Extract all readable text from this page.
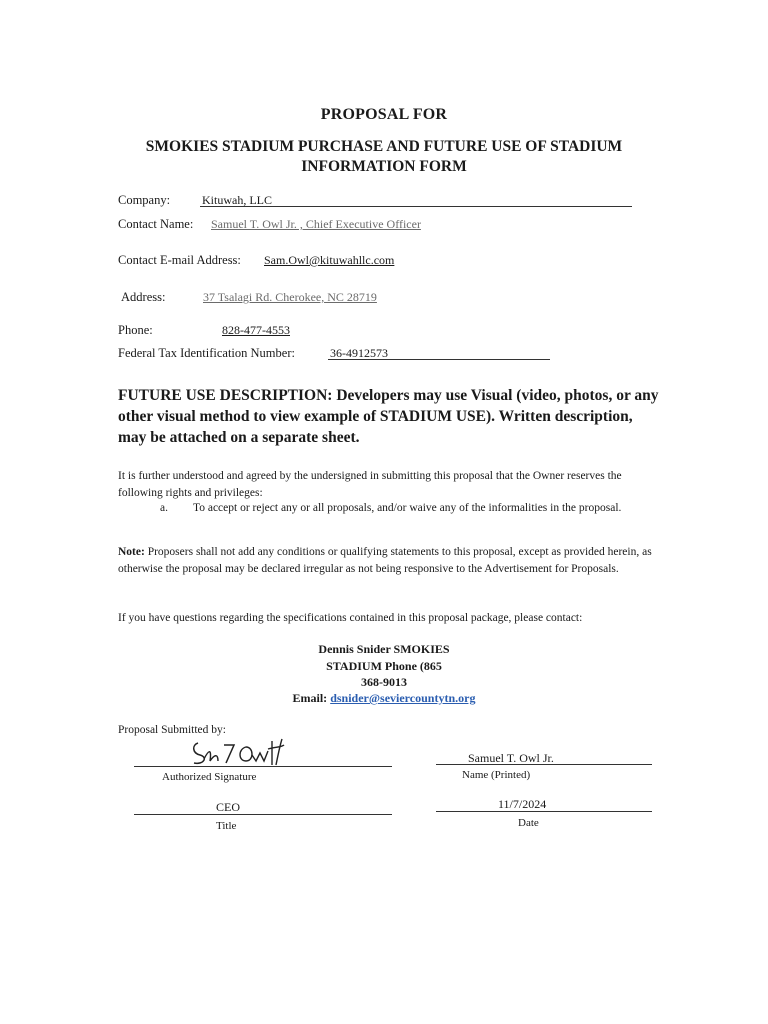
PROPOSAL FOR
SMOKIES STADIUM PURCHASE AND FUTURE USE OF STADIUM
INFORMATION FORM
Company:	Kituwah, LLC
Contact Name: Samuel T. Owl Jr. , Chief Executive Officer
Contact E-mail Address: Sam.Owl@kituwahllc.com
Address:	37 Tsalagi Rd. Cherokee, NC 28719
Phone:	828-477-4553
Federal Tax Identification Number:	36-4912573
FUTURE USE DESCRIPTION: Developers may use Visual (video, photos, or any other visual method to view example of STADIUM USE). Written description, may be attached on a separate sheet.
It is further understood and agreed by the undersigned in submitting this proposal that the Owner reserves the following rights and privileges:
a. To accept or reject any or all proposals, and/or waive any of the informalities in the proposal.
Note: Proposers shall not add any conditions or qualifying statements to this proposal, except as provided herein, as otherwise the proposal may be declared irregular as not being responsive to the Advertisement for Proposals.
If you have questions regarding the specifications contained in this proposal package, please contact:
Dennis Snider SMOKIES
STADIUM Phone (865
368-9013
Email: dsnider@seviercountytn.org
Proposal Submitted by:
Authorized Signature
Samuel T. Owl Jr.
Name (Printed)
CEO
Title
11/7/2024
Date
